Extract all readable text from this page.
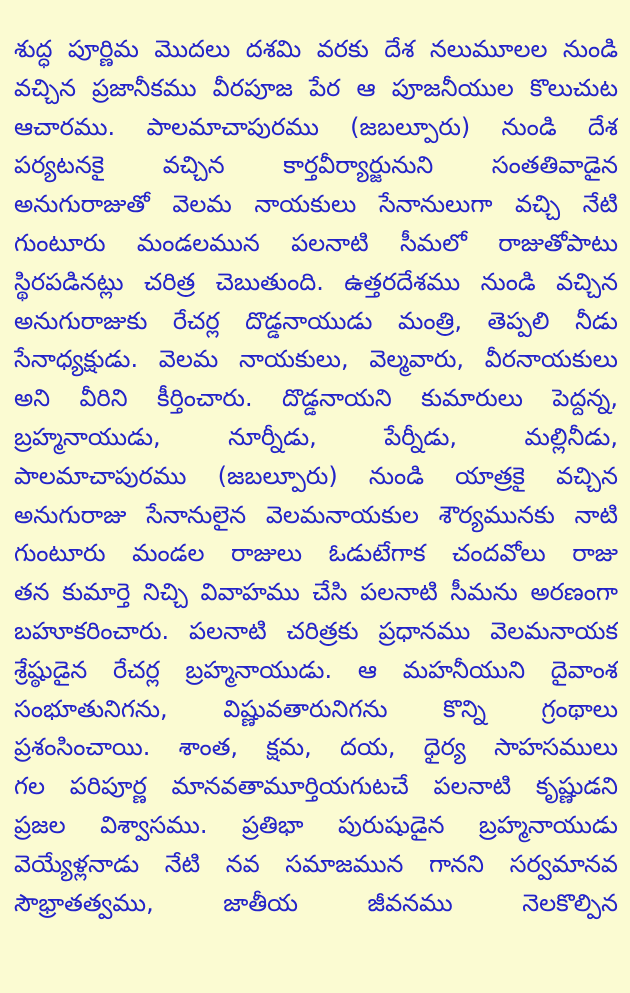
శుద్ధ పూర్ణిమ మొదలు దశమి వరకు దేశ నలుమూలల నుండి
వచ్చిన ప్రజానీకము వీరపూజ పేర ఆ పూజనీయుల కొలుచుట
ఆచారము. పాలమాచాపురము (జబల్పూరు) నుండి దేశ
పర్యటనకై వచ్చిన కార్తవీర్యార్జునుని సంతతివాడైన
అనుగురాజుతో వెలమ నాయకులు సేనానులుగా వచ్చి నేటి
గుంటూరు మండలమున పలనాటి సీమలో రాజుతోపాటు
స్థిరపడినట్లు చరిత్ర చెబుతుంది. ఉత్తరదేశము నుండి వచ్చిన
అనుగురాజుకు రేచర్ల దొడ్డనాయుడు మంత్రి, తెప్పలి నీడు
సేనాధ్యక్షుడు. వెలమ నాయకులు, వెల్మవారు, వీరనాయకులు
అని వీరిని కీర్తించారు. దొడ్డనాయని కుమారులు పెద్దన్న,
బ్రహ్మనాయుడు, నూర్నీడు, పేర్నీడు, మల్లినీడు,
పాలమాచాపురము (జబల్పూరు) నుండి యాత్రకై వచ్చిన
అనుగురాజు సేనానులైన వెలమనాయకుల శౌర్యమునకు నాటి
గుంటూరు మండల రాజులు ఓడుటేగాక చందవోలు రాజు
తన కుమార్తె నిచ్చి వివాహము చేసి పలనాటి సీమను అరణంగా
బహూకరించారు. పలనాటి చరిత్రకు ప్రధానము వెలమనాయక
శ్రేష్ఠుడైన రేచర్ల బ్రహ్మనాయుడు. ఆ మహనీయుని దైవాంశ
సంభూతునిగను, విష్ణువతారునిగను కొన్ని గ్రంథాలు
ప్రశంసించాయి. శాంత, క్షమ, దయ, ధైర్య సాహసములు
గల పరిపూర్ణ మానవతామూర్తియగుటచే పలనాటి కృష్ణుడని
ప్రజల విశ్వాసము. ప్రతిభా పురుషుడైన బ్రహ్మనాయుడు
వెయ్యేళ్లనాడు నేటి నవ సమాజమున గానని సర్వమానవ
సౌభ్రాతత్వము, జాతీయ జీవనము నెలకొల్పిన
